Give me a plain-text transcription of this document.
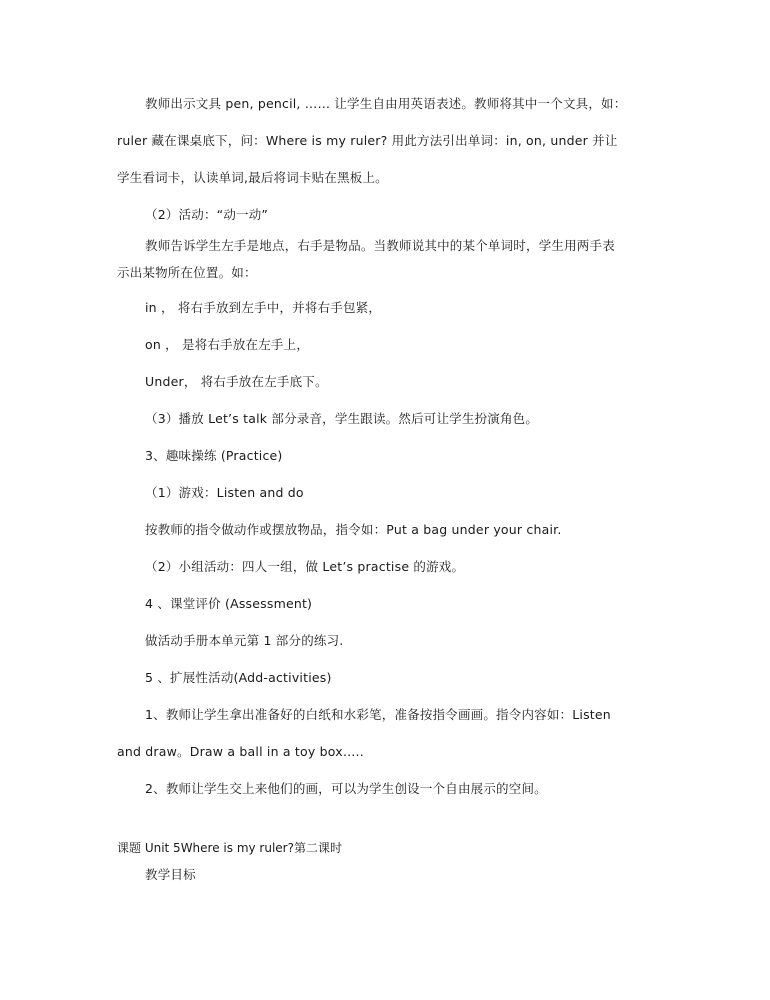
教师出示文具 pen, pencil, …… 让学生自由用英语表述。教师将其中一个文具，如：
ruler 藏在课桌底下，问：Where is my ruler? 用此方法引出单词：in, on, under 并让
学生看词卡，认读单词,最后将词卡贴在黑板上。
（2）活动：“动一动”
教师告诉学生左手是地点，右手是物品。当教师说其中的某个单词时，学生用两手表
示出某物所在位置。如：
in ， 将右手放到左手中，并将右手包紧，
on ， 是将右手放在左手上，
Under， 将右手放在左手底下。
（3）播放 Let’s talk 部分录音，学生跟读。然后可让学生扮演角色。
3、趣味操练 (Practice)
（1）游戏：Listen and do
按教师的指令做动作或摆放物品，指令如：Put a bag under your chair.
（2）小组活动：四人一组，做 Let’s practise 的游戏。
4 、课堂评价 (Assessment)
做活动手册本单元第 1 部分的练习.
5 、扩展性活动(Add-activities)
1、教师让学生拿出准备好的白纸和水彩笔，准备按指令画画。指令内容如：Listen
and draw。Draw a ball in a toy box…..
2、教师让学生交上来他们的画，可以为学生创设一个自由展示的空间。
课题 Unit 5Where is my ruler?第二课时
教学目标
